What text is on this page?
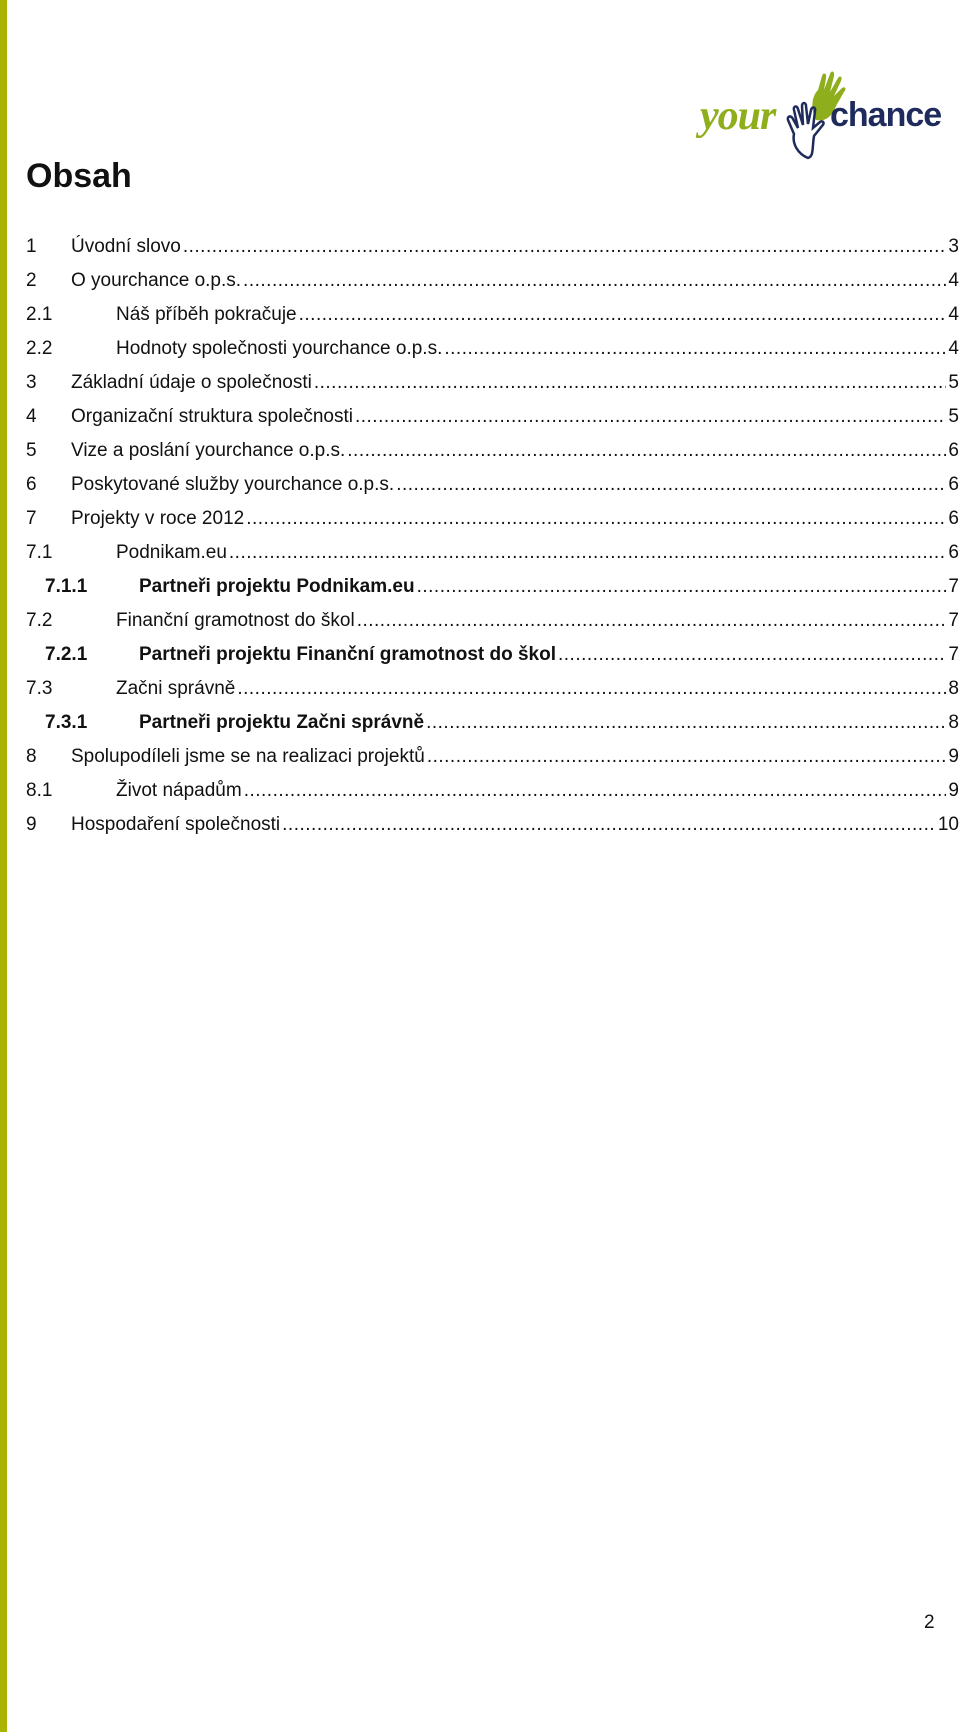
your chance
Obsah
1 Úvodní slovo .....	3
2 O yourchance o.p.s. .....	4
2.1	Náš příběh pokračuje .....	4
2.2	Hodnoty společnosti yourchance o.p.s. .....	4
3 Základní údaje o společnosti .....	5
4 Organizační struktura společnosti .....	5
5 Vize a poslání yourchance o.p.s. .....	6
6 Poskytované služby yourchance o.p.s. .....	6
7 Projekty v roce 2012 .....	6
7.1	Podnikam.eu .....	6
7.1.1	Partneři projektu Podnikam.eu .....	7
7.2	Finanční gramotnost do škol .....	7
7.2.1	Partneři projektu Finanční gramotnost do škol .....	7
7.3	Začni správně .....	8
7.3.1	Partneři projektu Začni správně .....	8
8 Spolupodíleli jsme se na realizaci projektů .....	9
8.1	Život nápadům .....	9
9 Hospodaření společnosti .....	10
2
